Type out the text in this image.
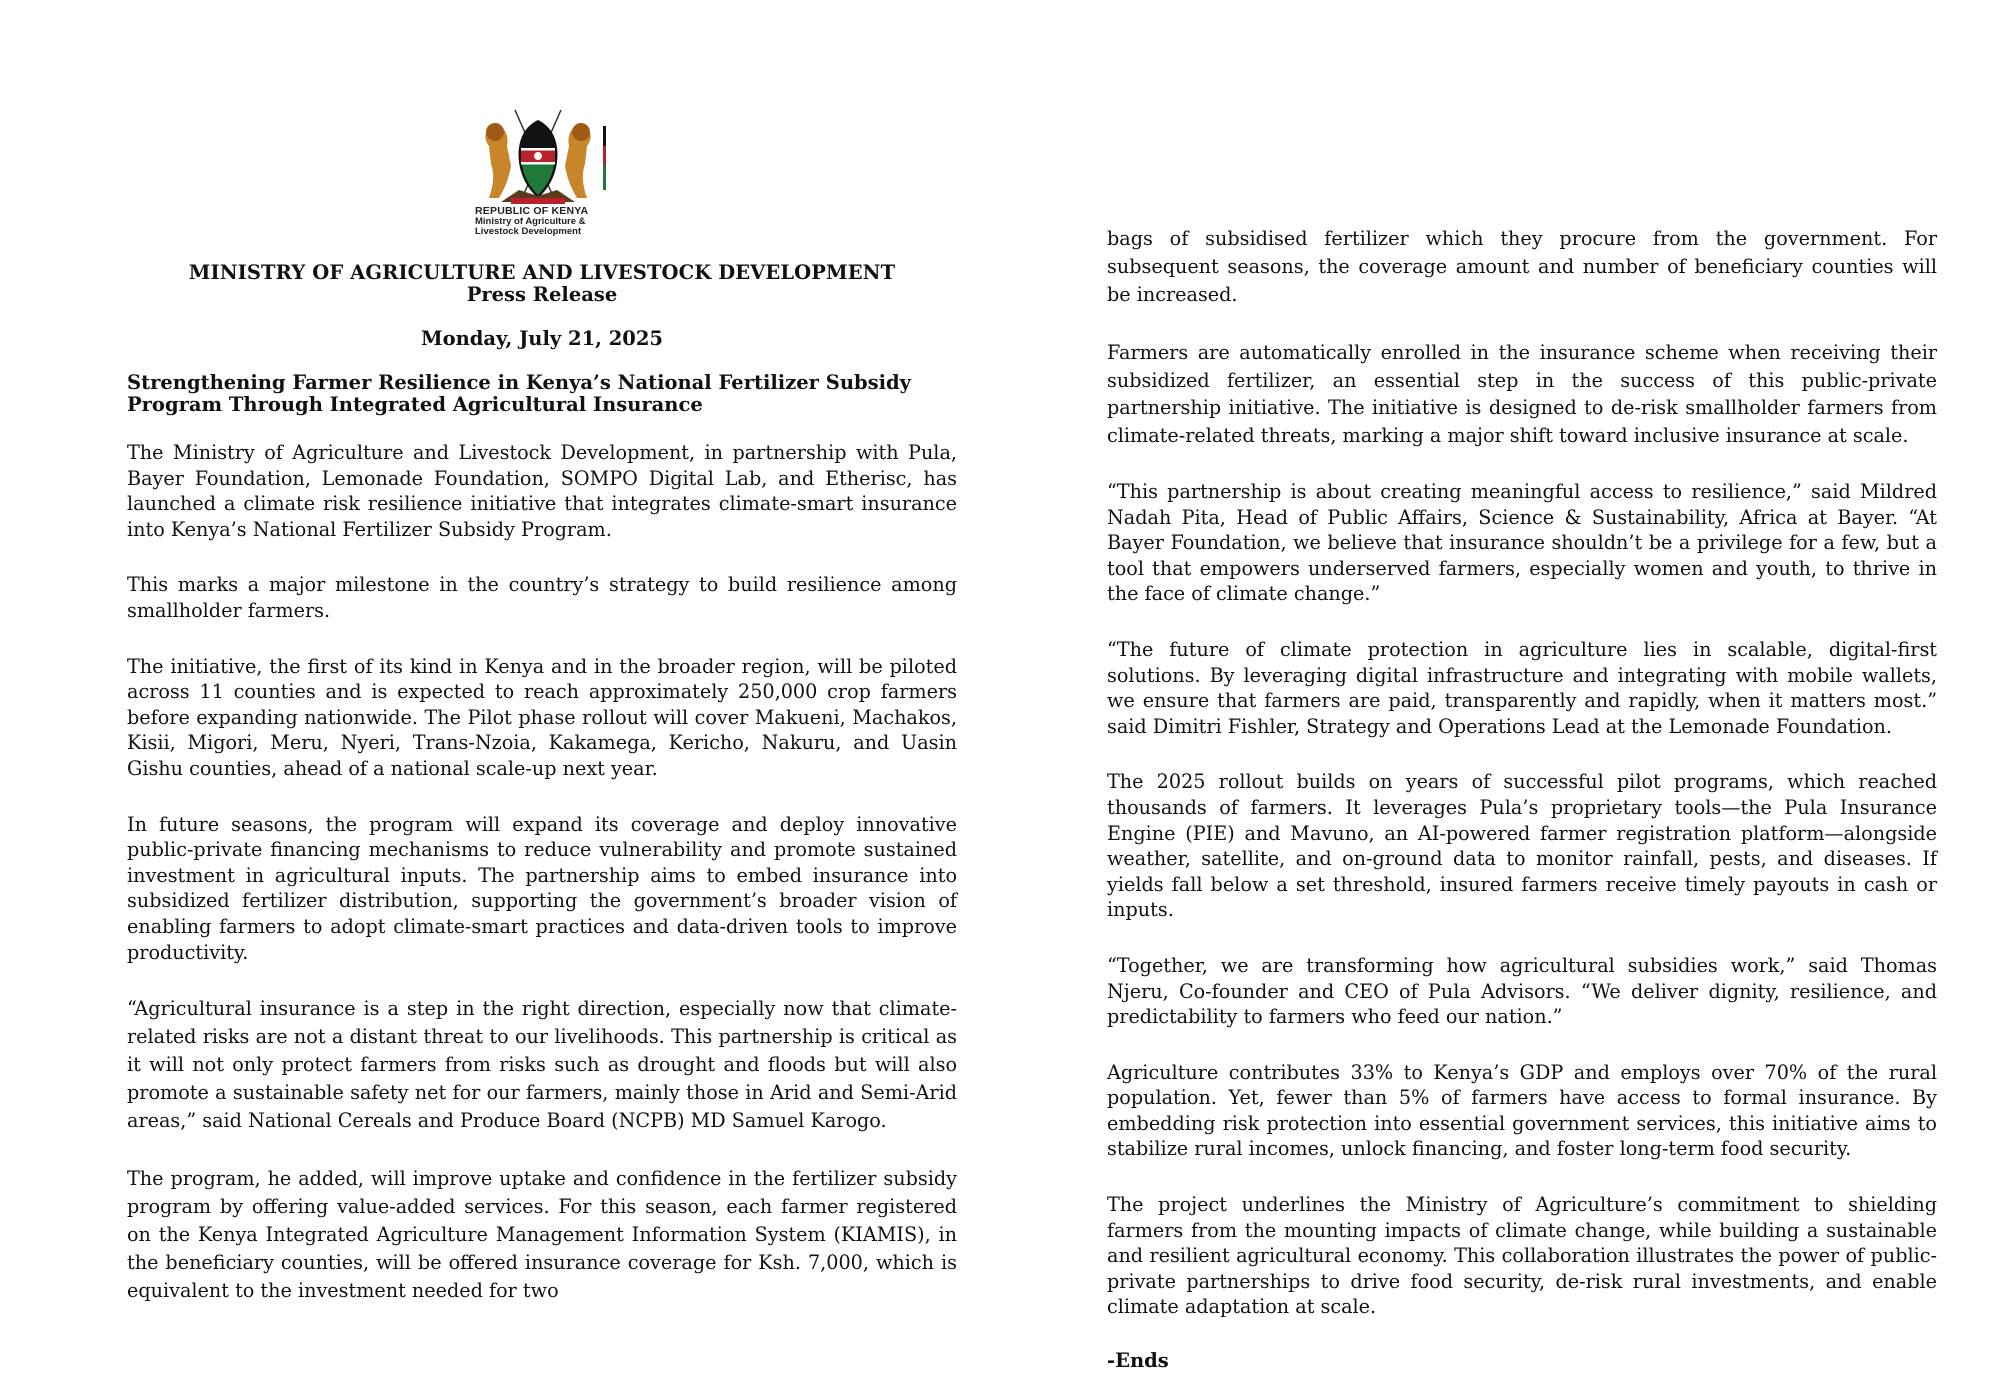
REPUBLIC OF KENYA
Ministry of Agriculture &
Livestock Development
MINISTRY OF AGRICULTURE AND LIVESTOCK DEVELOPMENT
Press Release
Monday, July 21, 2025
Strengthening Farmer Resilience in Kenya’s National Fertilizer Subsidy Program Through Integrated Agricultural Insurance

The Ministry of Agriculture and Livestock Development, in partnership with Pula, Bayer Foundation, Lemonade Foundation, SOMPO Digital Lab, and Etherisc, has launched a climate risk resilience initiative that integrates climate-smart insurance into Kenya’s National Fertilizer Subsidy Program.

This marks a major milestone in the country’s strategy to build resilience among smallholder farmers.

The initiative, the first of its kind in Kenya and in the broader region, will be piloted across 11 counties and is expected to reach approximately 250,000 crop farmers before expanding nationwide. The Pilot phase rollout will cover Makueni, Machakos, Kisii, Migori, Meru, Nyeri, Trans-Nzoia, Kakamega, Kericho, Nakuru, and Uasin Gishu counties, ahead of a national scale-up next year.

In future seasons, the program will expand its coverage and deploy innovative public-private financing mechanisms to reduce vulnerability and promote sustained investment in agricultural inputs. The partnership aims to embed insurance into subsidized fertilizer distribution, supporting the government’s broader vision of enabling farmers to adopt climate-smart practices and data-driven tools to improve productivity.

“Agricultural insurance is a step in the right direction, especially now that climate-related risks are not a distant threat to our livelihoods. This partnership is critical as it will not only protect farmers from risks such as drought and floods but will also promote a sustainable safety net for our farmers, mainly those in Arid and Semi-Arid areas,” said National Cereals and Produce Board (NCPB) MD Samuel Karogo.

The program, he added, will improve uptake and confidence in the fertilizer subsidy program by offering value-added services. For this season, each farmer registered on the Kenya Integrated Agriculture Management Information System (KIAMIS), in the beneficiary counties, will be offered insurance coverage for Ksh. 7,000, which is equivalent to the investment needed for two

bags of subsidised fertilizer which they procure from the government. For subsequent seasons, the coverage amount and number of beneficiary counties will be increased.

Farmers are automatically enrolled in the insurance scheme when receiving their subsidized fertilizer, an essential step in the success of this public-private partnership initiative. The initiative is designed to de-risk smallholder farmers from climate-related threats, marking a major shift toward inclusive insurance at scale.

“This partnership is about creating meaningful access to resilience,” said Mildred Nadah Pita, Head of Public Affairs, Science & Sustainability, Africa at Bayer. “At Bayer Foundation, we believe that insurance shouldn’t be a privilege for a few, but a tool that empowers underserved farmers, especially women and youth, to thrive in the face of climate change.”

“The future of climate protection in agriculture lies in scalable, digital-first solutions. By leveraging digital infrastructure and integrating with mobile wallets, we ensure that farmers are paid, transparently and rapidly, when it matters most.” said Dimitri Fishler, Strategy and Operations Lead at the Lemonade Foundation.

The 2025 rollout builds on years of successful pilot programs, which reached thousands of farmers. It leverages Pula’s proprietary tools—the Pula Insurance Engine (PIE) and Mavuno, an AI-powered farmer registration platform—alongside weather, satellite, and on-ground data to monitor rainfall, pests, and diseases. If yields fall below a set threshold, insured farmers receive timely payouts in cash or inputs.

“Together, we are transforming how agricultural subsidies work,” said Thomas Njeru, Co-founder and CEO of Pula Advisors. “We deliver dignity, resilience, and predictability to farmers who feed our nation.”

Agriculture contributes 33% to Kenya’s GDP and employs over 70% of the rural population. Yet, fewer than 5% of farmers have access to formal insurance. By embedding risk protection into essential government services, this initiative aims to stabilize rural incomes, unlock financing, and foster long-term food security.

The project underlines the Ministry of Agriculture’s commitment to shielding farmers from the mounting impacts of climate change, while building a sustainable and resilient agricultural economy. This collaboration illustrates the power of public-private partnerships to drive food security, de-risk rural investments, and enable climate adaptation at scale.

-Ends
